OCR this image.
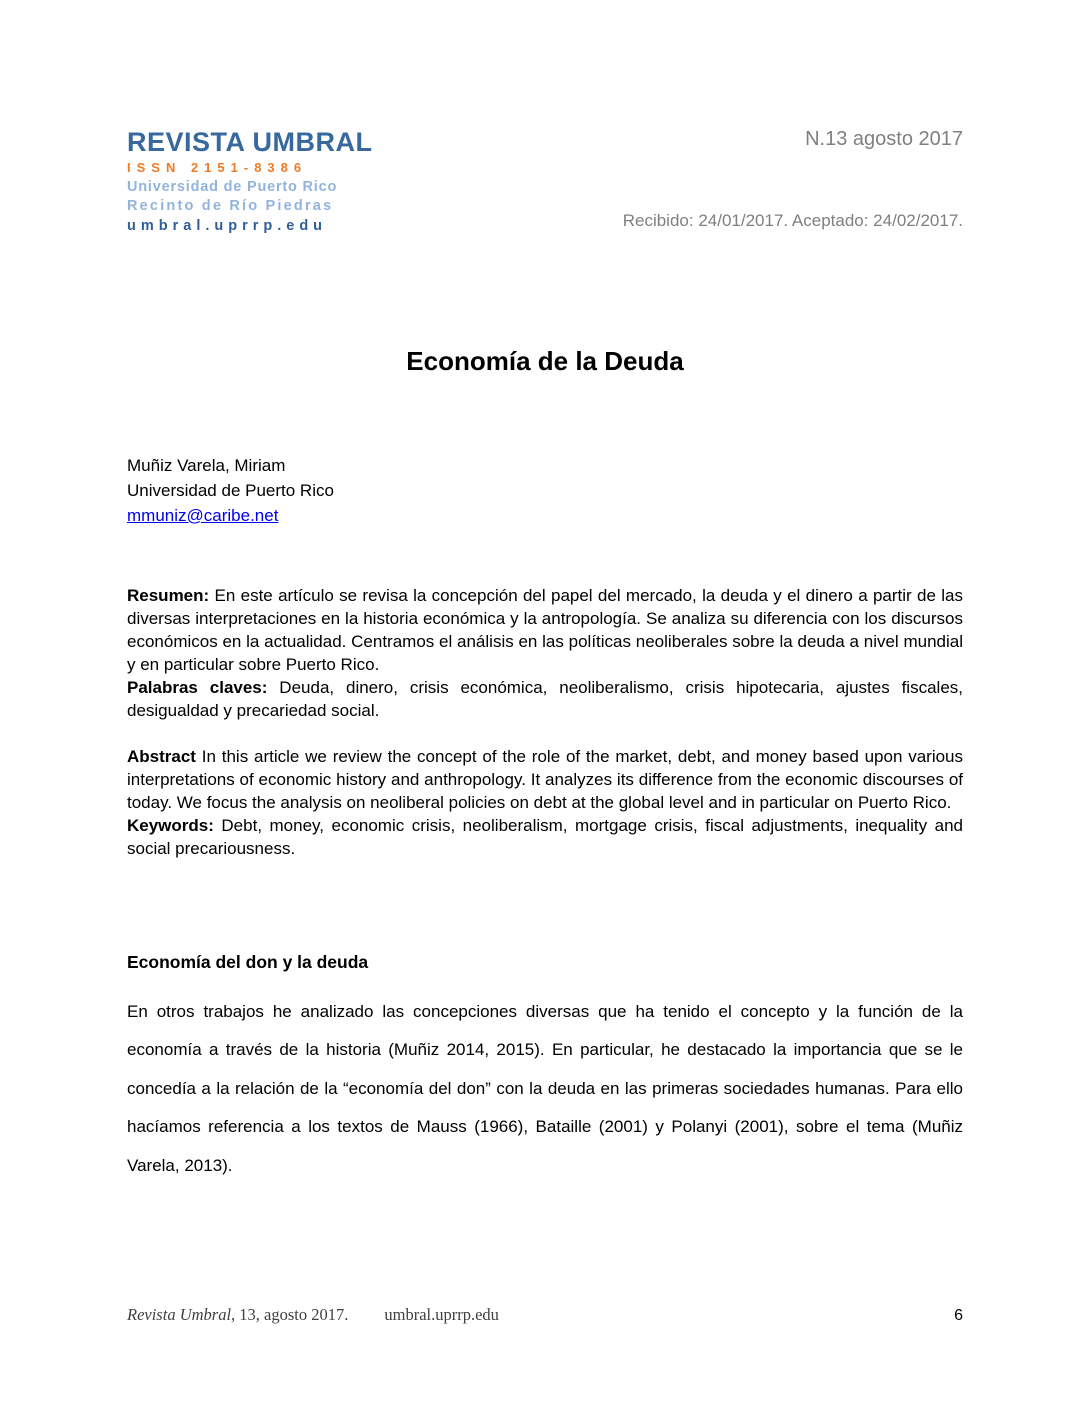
REVISTA UMBRAL
ISSN 2151-8386
Universidad de Puerto Rico
Recinto de Río Piedras
umbral.uprrp.edu
N.13 agosto 2017
Recibido: 24/01/2017. Aceptado: 24/02/2017.
Economía de la Deuda
Muñiz Varela, Miriam
Universidad de Puerto Rico
mmuniz@caribe.net

Resumen: En este artículo se revisa la concepción del papel del mercado, la deuda y el dinero a partir de las diversas interpretaciones en la historia económica y la antropología. Se analiza su diferencia con los discursos económicos en la actualidad. Centramos el análisis en las políticas neoliberales sobre la deuda a nivel mundial y en particular sobre Puerto Rico.

Palabras claves: Deuda, dinero, crisis económica, neoliberalismo, crisis hipotecaria, ajustes fiscales, desigualdad y precariedad social.

Abstract In this article we review the concept of the role of the market, debt, and money based upon various interpretations of economic history and anthropology. It analyzes its difference from the economic discourses of today. We focus the analysis on neoliberal policies on debt at the global level and in particular on Puerto Rico.

Keywords: Debt, money, economic crisis, neoliberalism, mortgage crisis, fiscal adjustments, inequality and social precariousness.

Economía del don y la deuda

En otros trabajos he analizado las concepciones diversas que ha tenido el concepto y la función de la economía a través de la historia (Muñiz 2014, 2015). En particular, he destacado la importancia que se le concedía a la relación de la “economía del don” con la deuda en las primeras sociedades humanas. Para ello hacíamos referencia a los textos de Mauss (1966), Bataille (2001) y Polanyi (2001), sobre el tema (Muñiz Varela, 2013).

Revista Umbral, 13, agosto 2017. umbral.uprrp.edu	6
